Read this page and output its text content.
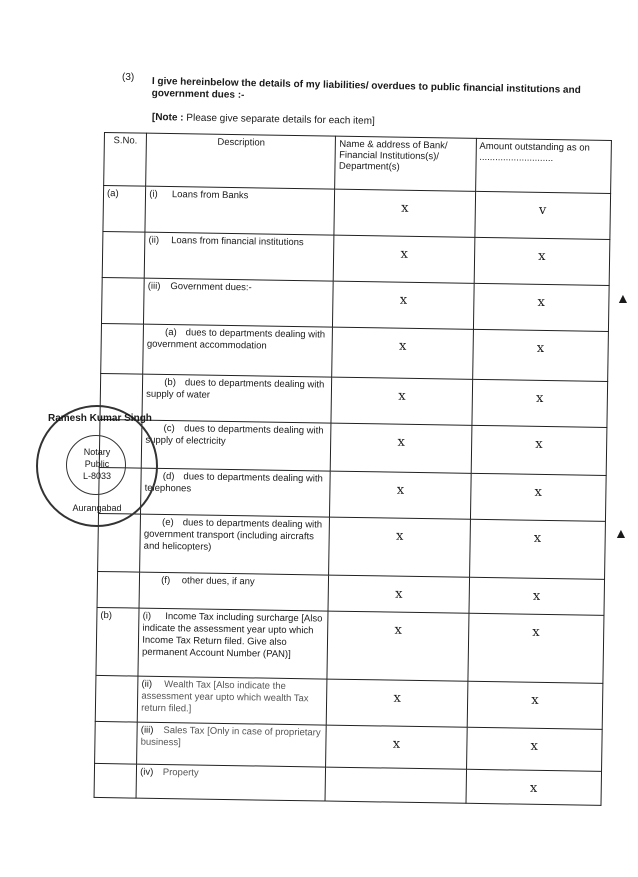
(3) I give hereinbelow the details of my liabilities/ overdues to public financial institutions and government dues :-
[Note : Please give separate details for each item]
S.No.	Description	Name & address of Bank/ Financial Institutions(s)/ Department(s)	Amount outstanding as on ............................
(a)	(i) Loans from Banks	x	v
	(ii) Loans from financial institutions	x	x
	(iii) Government dues:-	x	x
	(a) dues to departments dealing with government accommodation	x	x
	(b) dues to departments dealing with supply of water	x	x
	(c) dues to departments dealing with supply of electricity	x	x
	(d) dues to departments dealing with telephones	x	x
	(e) dues to departments dealing with government transport (including aircrafts and helicopters)	x	x
	(f) other dues, if any	x	x
(b)	(i) Income Tax including surcharge [Also indicate the assessment year upto which Income Tax Return filed. Give also permanent Account Number (PAN)]	x	x
	(ii) Wealth Tax [Also indicate the assessment year upto which wealth Tax return filed.]	x	x
	(iii) Sales Tax [Only in case of proprietary business]	x	x
	(iv) Property		x
Ramesh Kumar Singh
Notary
Public
L-8033
Aurangabad
▲
▲
